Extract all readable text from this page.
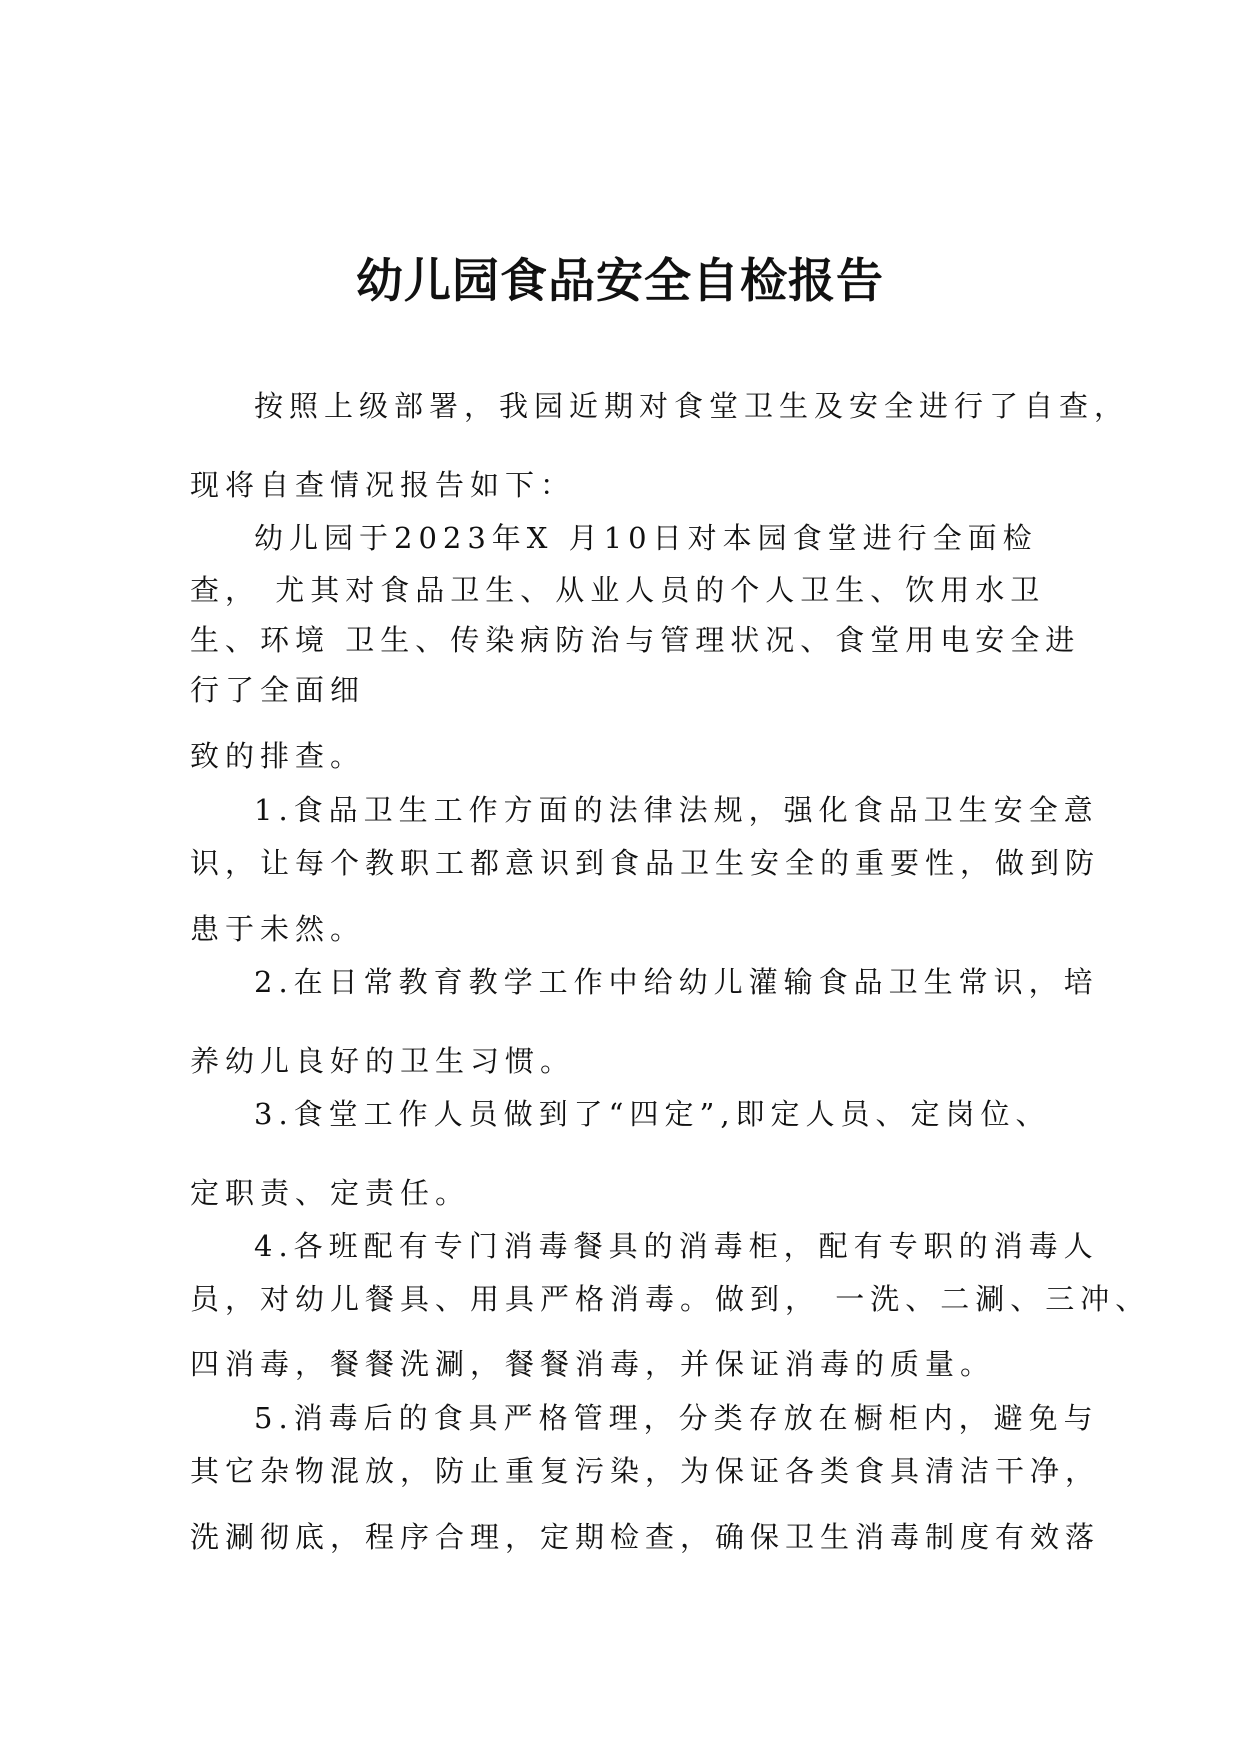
幼儿园食品安全自检报告

按照上级部署，我园近期对食堂卫生及安全进行了自查，

现将自查情况报告如下：

幼儿园于2023年X 月10日对本园食堂进行全面检

查， 尤其对食品卫生、从业人员的个人卫生、饮用水卫

生、环境 卫生、传染病防治与管理状况、食堂用电安全进

行了全面细

致的排查。

1.食品卫生工作方面的法律法规，强化食品卫生安全意

识，让每个教职工都意识到食品卫生安全的重要性，做到防

患于未然。

2.在日常教育教学工作中给幼儿灌输食品卫生常识，培

养幼儿良好的卫生习惯。

3.食堂工作人员做到了“四定”,即定人员、定岗位、

定职责、定责任。

4.各班配有专门消毒餐具的消毒柜，配有专职的消毒人

员，对幼儿餐具、用具严格消毒。做到， 一洗、二涮、三冲、

四消毒，餐餐洗涮，餐餐消毒，并保证消毒的质量。

5.消毒后的食具严格管理，分类存放在橱柜内，避免与

其它杂物混放，防止重复污染，为保证各类食具清洁干净，

洗涮彻底，程序合理，定期检查，确保卫生消毒制度有效落
